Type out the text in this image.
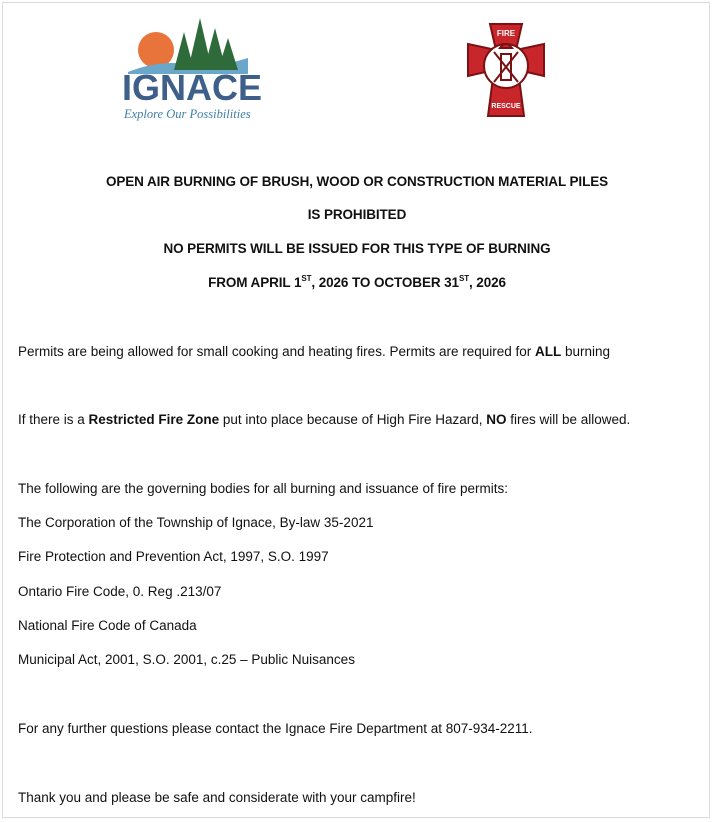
IGNACE
Explore Our Possibilities
FIRE
RESCUE
OPEN AIR BURNING OF BRUSH, WOOD OR CONSTRUCTION MATERIAL PILES
IS PROHIBITED
NO PERMITS WILL BE ISSUED FOR THIS TYPE OF BURNING
FROM APRIL 1ST, 2026 TO OCTOBER 31ST, 2026
Permits are being allowed for small cooking and heating fires. Permits are required for ALL burning
If there is a Restricted Fire Zone put into place because of High Fire Hazard, NO fires will be allowed.
The following are the governing bodies for all burning and issuance of fire permits:
The Corporation of the Township of Ignace, By-law 35-2021
Fire Protection and Prevention Act, 1997, S.O. 1997
Ontario Fire Code, 0. Reg .213/07
National Fire Code of Canada
Municipal Act, 2001, S.O. 2001, c.25 – Public Nuisances
For any further questions please contact the Ignace Fire Department at 807-934-2211.
Thank you and please be safe and considerate with your campfire!
